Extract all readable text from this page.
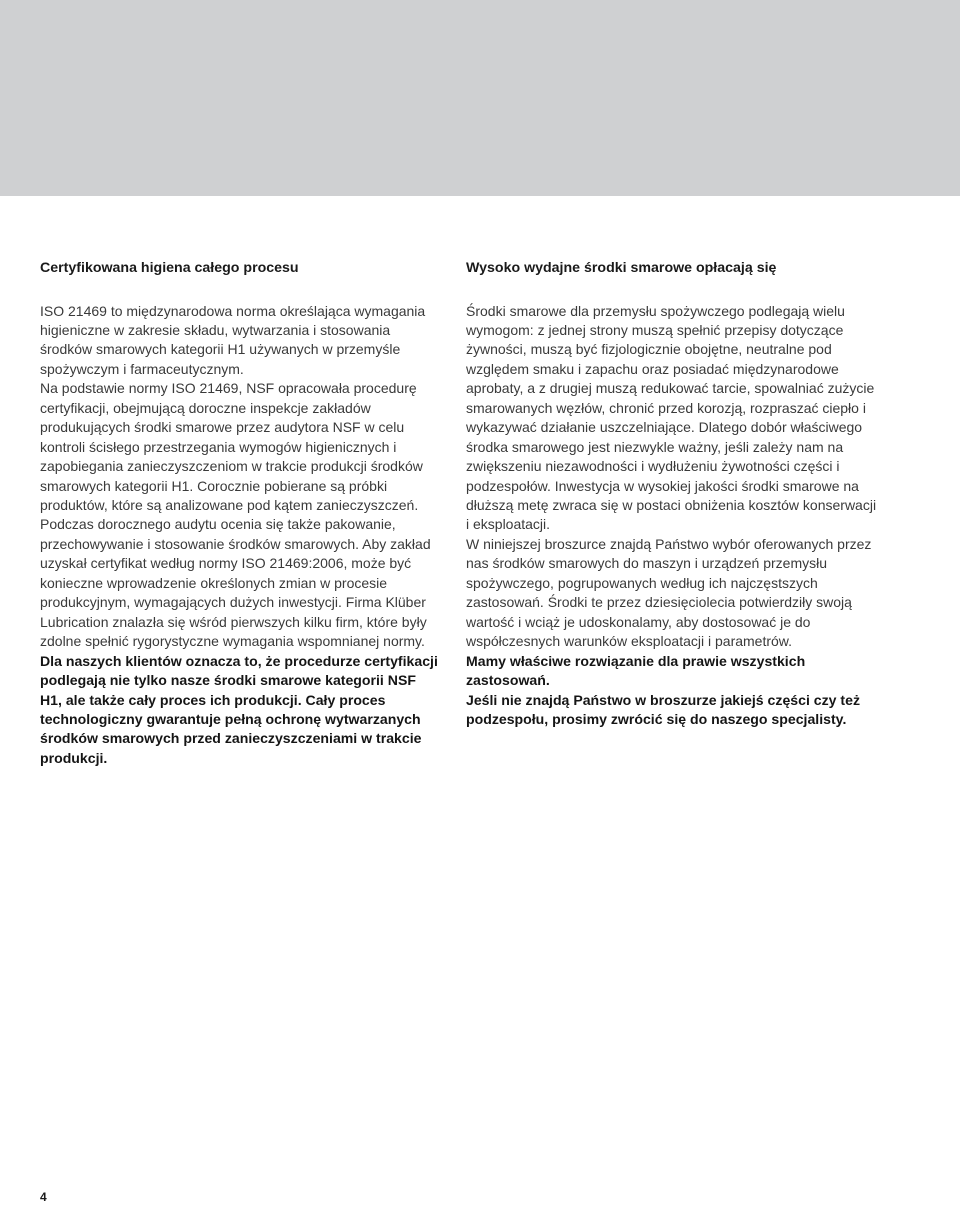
Certyfikowana higiena całego procesu

ISO 21469 to międzynarodowa norma określająca wymagania higieniczne w zakresie składu, wytwarzania i stosowania środków smarowych kategorii H1 używanych w przemyśle spożywczym i farmaceutycznym.

Na podstawie normy ISO 21469, NSF opracowała procedurę certyfikacji, obejmującą doroczne inspekcje zakładów produkujących środki smarowe przez audytora NSF w celu kontroli ścisłego przestrzegania wymogów higienicznych i zapobiegania zanieczyszczeniom w trakcie produkcji środków smarowych kategorii H1. Corocznie pobierane są próbki produktów, które są analizowane pod kątem zanieczyszczeń. Podczas dorocznego audytu ocenia się także pakowanie, przechowywanie i stosowanie środków smarowych. Aby zakład uzyskał certyfikat według normy ISO 21469:2006, może być konieczne wprowadzenie określonych zmian w procesie produkcyjnym, wymagających dużych inwestycji. Firma Klüber Lubrication znalazła się wśród pierwszych kilku firm, które były zdolne spełnić rygorystyczne wymagania wspomnianej normy.

Dla naszych klientów oznacza to, że procedurze certyfikacji podlegają nie tylko nasze środki smarowe kategorii NSF H1, ale także cały proces ich produkcji. Cały proces technologiczny gwarantuje pełną ochronę wytwarzanych środków smarowych przed zanieczyszczeniami w trakcie produkcji.

Wysoko wydajne środki smarowe opłacają się

Środki smarowe dla przemysłu spożywczego podlegają wielu wymogom: z jednej strony muszą spełnić przepisy dotyczące żywności, muszą być fizjologicznie obojętne, neutralne pod względem smaku i zapachu oraz posiadać międzynarodowe aprobaty, a z drugiej muszą redukować tarcie, spowalniać zużycie smarowanych węzłów, chronić przed korozją, rozpraszać ciepło i wykazywać działanie uszczelniające. Dlatego dobór właściwego środka smarowego jest niezwykle ważny, jeśli zależy nam na zwiększeniu niezawodności i wydłużeniu żywotności części i podzespołów. Inwestycja w wysokiej jakości środki smarowe na dłuższą metę zwraca się w postaci obniżenia kosztów konserwacji i eksploatacji.

W niniejszej broszurce znajdą Państwo wybór oferowanych przez nas środków smarowych do maszyn i urządzeń przemysłu spożywczego, pogrupowanych według ich najczęstszych zastosowań. Środki te przez dziesięciolecia potwierdziły swoją wartość i wciąż je udoskonalamy, aby dostosować je do współczesnych warunków eksploatacji i parametrów.

Mamy właściwe rozwiązanie dla prawie wszystkich zastosowań.

Jeśli nie znajdą Państwo w broszurze jakiejś części czy też podzespołu, prosimy zwrócić się do naszego specjalisty.

4
